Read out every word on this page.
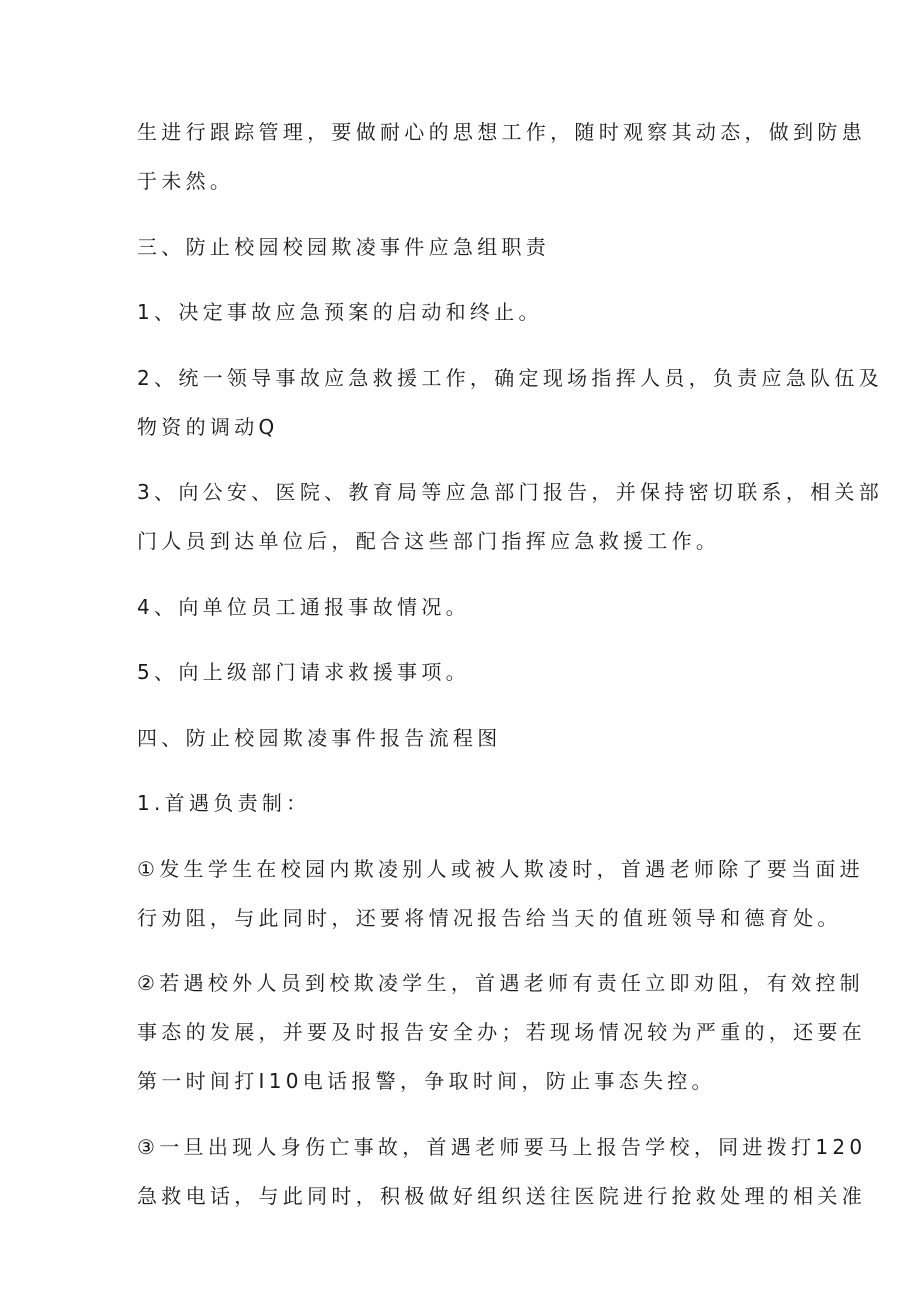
生进行跟踪管理，要做耐心的思想工作，随时观察其动态，做到防患
于未然。
三、防止校园校园欺凌事件应急组职责
1、决定事故应急预案的启动和终止。
2、统一领导事故应急救援工作，确定现场指挥人员，负责应急队伍及
物资的调动Q
3、向公安、医院、教育局等应急部门报告，并保持密切联系，相关部
门人员到达单位后，配合这些部门指挥应急救援工作。
4、向单位员工通报事故情况。
5、向上级部门请求救援事项。
四、防止校园欺凌事件报告流程图
1.首遇负责制：
①发生学生在校园内欺凌别人或被人欺凌时，首遇老师除了要当面进
行劝阻，与此同时，还要将情况报告给当天的值班领导和德育处。
②若遇校外人员到校欺凌学生，首遇老师有责任立即劝阻，有效控制
事态的发展，并要及时报告安全办；若现场情况较为严重的，还要在
第一时间打I10电话报警，争取时间，防止事态失控。
③一旦出现人身伤亡事故，首遇老师要马上报告学校，同进拨打120
急救电话，与此同时，积极做好组织送往医院进行抢救处理的相关准
